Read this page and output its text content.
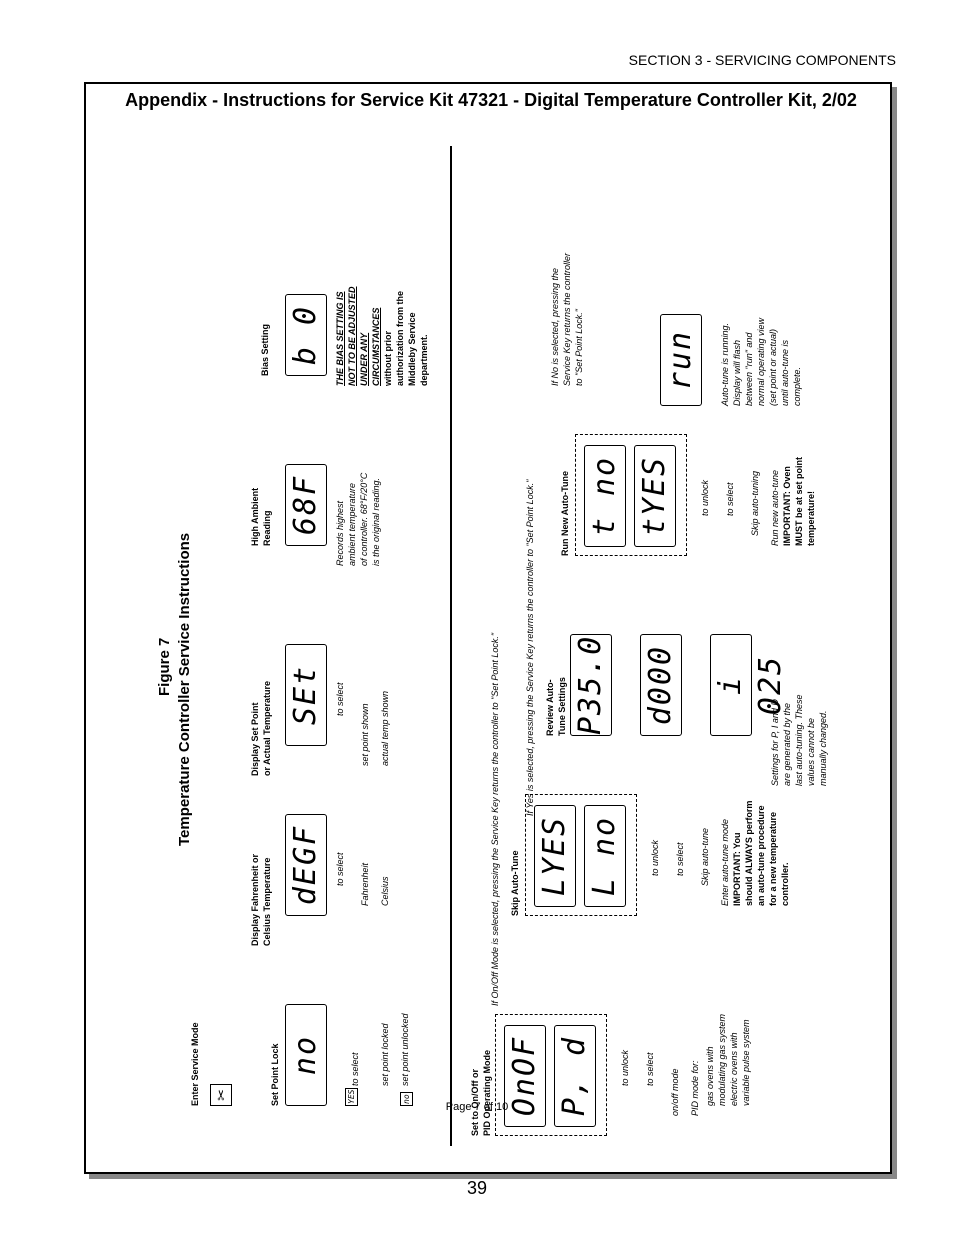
SECTION 3 - SERVICING COMPONENTS
Appendix - Instructions for Service Kit 47321 - Digital Temperature Controller Kit, 2/02
Figure 7 Temperature Controller Service Instructions
Enter Service Mode ✂	Set Point Lock no	to select
YES
set point locked
no
set point unlocked
Display Fahrenheit or Celsius Temperature dEGF	to select Fahrenheit Celsius
Display Set Point or Actual Temperature SEt	to select
set point shown actual temp shown
High Ambient Reading 68F	Records highest ambient temperature of controller. 68°F/20°C is the original reading.
Bias Setting b 0	THE BIAS SETTING IS NOT TO BE ADJUSTED UNDER ANY CIRCUMSTANCES without prior authorization from the Middleby Service department.
Set to On/Off or PID Operating Mode OnOF P, d	to unlock to select on/off mode PID mode for: gas ovens with modulating gas system electric ovens with variable pulse system
Skip Auto-Tune LYES L no	to unlock to select Skip auto-tune Enter auto-tune mode IMPORTANT: You should ALWAYS perform an auto-tune procedure for a new temperature controller.
Review Auto- Tune Settings P35.0 d000 i 025
Settings for P, I and D are generated by the last auto-tuning. These values cannot be manually changed.
Run New Auto-Tune t no tYES	to unlock to select Skip auto-tuning Run new auto-tune IMPORTANT: Oven MUST be at set point temperature!
run	Auto-tune is running. Display will flash between "run" and normal operating view (set point or actual) until auto-tune is complete.
If No is selected, pressing the Service Key returns the controller to "Set Point Lock."
If Yes is selected, pressing the Service Key returns the controller to "Set Point Lock."
If On/Off Mode is selected, pressing the Service Key returns the controller to "Set Point Lock."
Page 7 of 10
39
